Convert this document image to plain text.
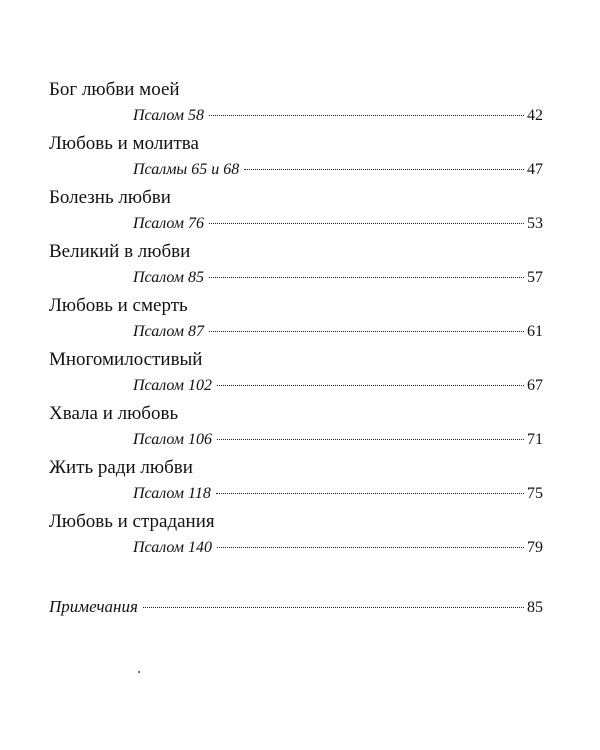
Бог любви моей
Псалом 58	42
Любовь и молитва
Псалмы 65 и 68	47
Болезнь любви
Псалом 76	53
Великий в любви
Псалом 85	57
Любовь и смерть
Псалом 87	61
Многомилостивый
Псалом 102	67
Хвала и любовь
Псалом 106	71
Жить ради любви
Псалом 118	75
Любовь и страдания
Псалом 140	79
Примечания	85
